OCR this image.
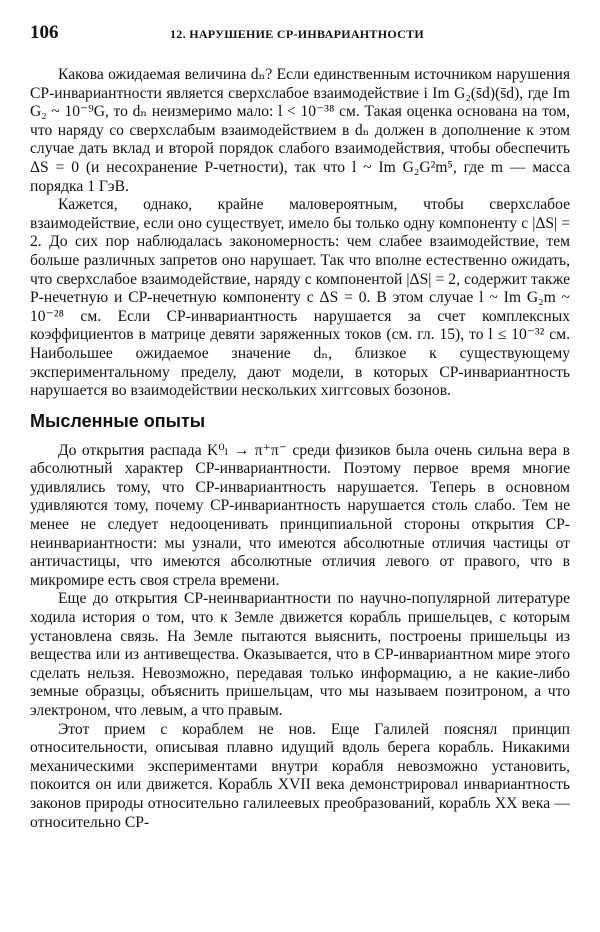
106	12. НАРУШЕНИЕ CP-ИНВАРИАНТНОСТИ

Какова ожидаемая величина dₙ? Если единственным источником нарушения CP-инвариантности является сверхслабое взаимодействие i Im G₂(s̄d)(s̄d), где Im G₂ ~ 10⁻⁹G, то dₙ неизмеримо мало: l < 10⁻³⁸ см. Такая оценка основана на том, что наряду со сверхслабым взаимодействием в dₙ должен в дополнение к этом случае дать вклад и второй порядок слабого взаимодействия, чтобы обеспечить ΔS = 0 (и несохранение P-четности), так что l ~ Im G₂G²m⁵, где m — масса порядка 1 ГэВ.

Кажется, однако, крайне маловероятным, чтобы сверхслабое взаимодействие, если оно существует, имело бы только одну компоненту с |ΔS| = 2. До сих пор наблюдалась закономерность: чем слабее взаимодействие, тем больше различных запретов оно нарушает. Так что вполне естественно ожидать, что сверхслабое взаимодействие, наряду с компонентой |ΔS| = 2, содержит также P-нечетную и CP-нечетную компоненту с ΔS = 0. В этом случае l ~ Im G₂m ~ 10⁻²⁸ см. Если CP-инвариантность нарушается за счет комплексных коэффициентов в матрице девяти заряженных токов (см. гл. 15), то l ≤ 10⁻³² см. Наибольшее ожидаемое значение dₙ, близкое к существующему экспериментальному пределу, дают модели, в которых CP-инвариантность нарушается во взаимодействии нескольких хиггсовых бозонов.

Мысленные опыты

До открытия распада K⁰ₗ → π⁺π⁻ среди физиков была очень сильна вера в абсолютный характер CP-инвариантности. Поэтому первое время многие удивлялись тому, что CP-инвариантность нарушается. Теперь в основном удивляются тому, почему CP-инвариантность нарушается столь слабо. Тем не менее не следует недооценивать принципиальной стороны открытия CP-неинвариантности: мы узнали, что имеются абсолютные отличия частицы от античастицы, что имеются абсолютные отличия левого от правого, что в микромире есть своя стрела времени.

Еще до открытия CP-неинвариантности по научно-популярной литературе ходила история о том, что к Земле движется корабль пришельцев, с которым установлена связь. На Земле пытаются выяснить, построены пришельцы из вещества или из антивещества. Оказывается, что в CP-инвариантном мире этого сделать нельзя. Невозможно, передавая только информацию, а не какие-либо земные образцы, объяснить пришельцам, что мы называем позитроном, а что электроном, что левым, а что правым.

Этот прием с кораблем не нов. Еще Галилей пояснял принцип относительности, описывая плавно идущий вдоль берега корабль. Никакими механическими экспериментами внутри корабля невозможно установить, покоится он или движется. Корабль XVII века демонстрировал инвариантность законов природы относительно галилеевых преобразований, корабль XX века — относительно CP-
